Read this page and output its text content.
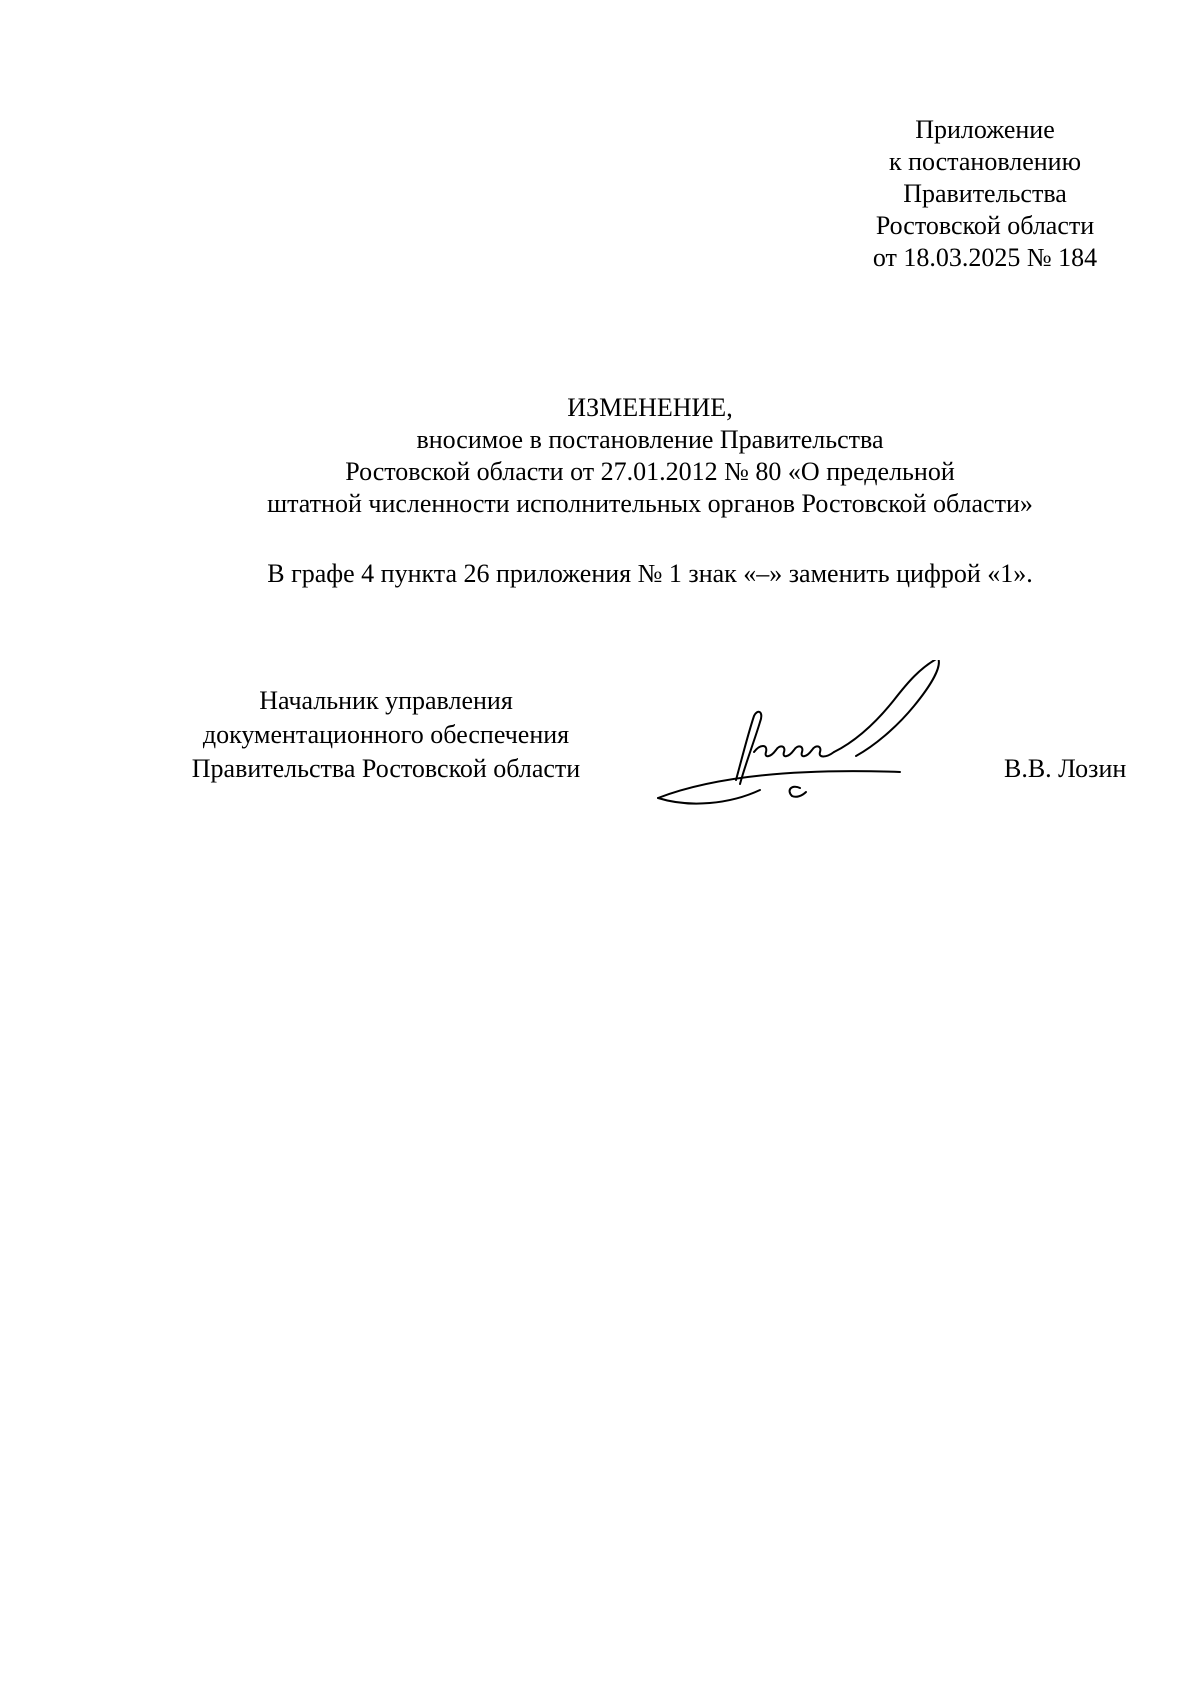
Приложение
к постановлению
Правительства
Ростовской области
от 18.03.2025 № 184
ИЗМЕНЕНИЕ,
вносимое в постановление Правительства
Ростовской области от 27.01.2012 № 80 «О предельной
штатной численности исполнительных органов Ростовской области»
В графе 4 пункта 26 приложения № 1 знак «–» заменить цифрой «1».
Начальник управления
документационного обеспечения
Правительства Ростовской области	В.В. Лозин
